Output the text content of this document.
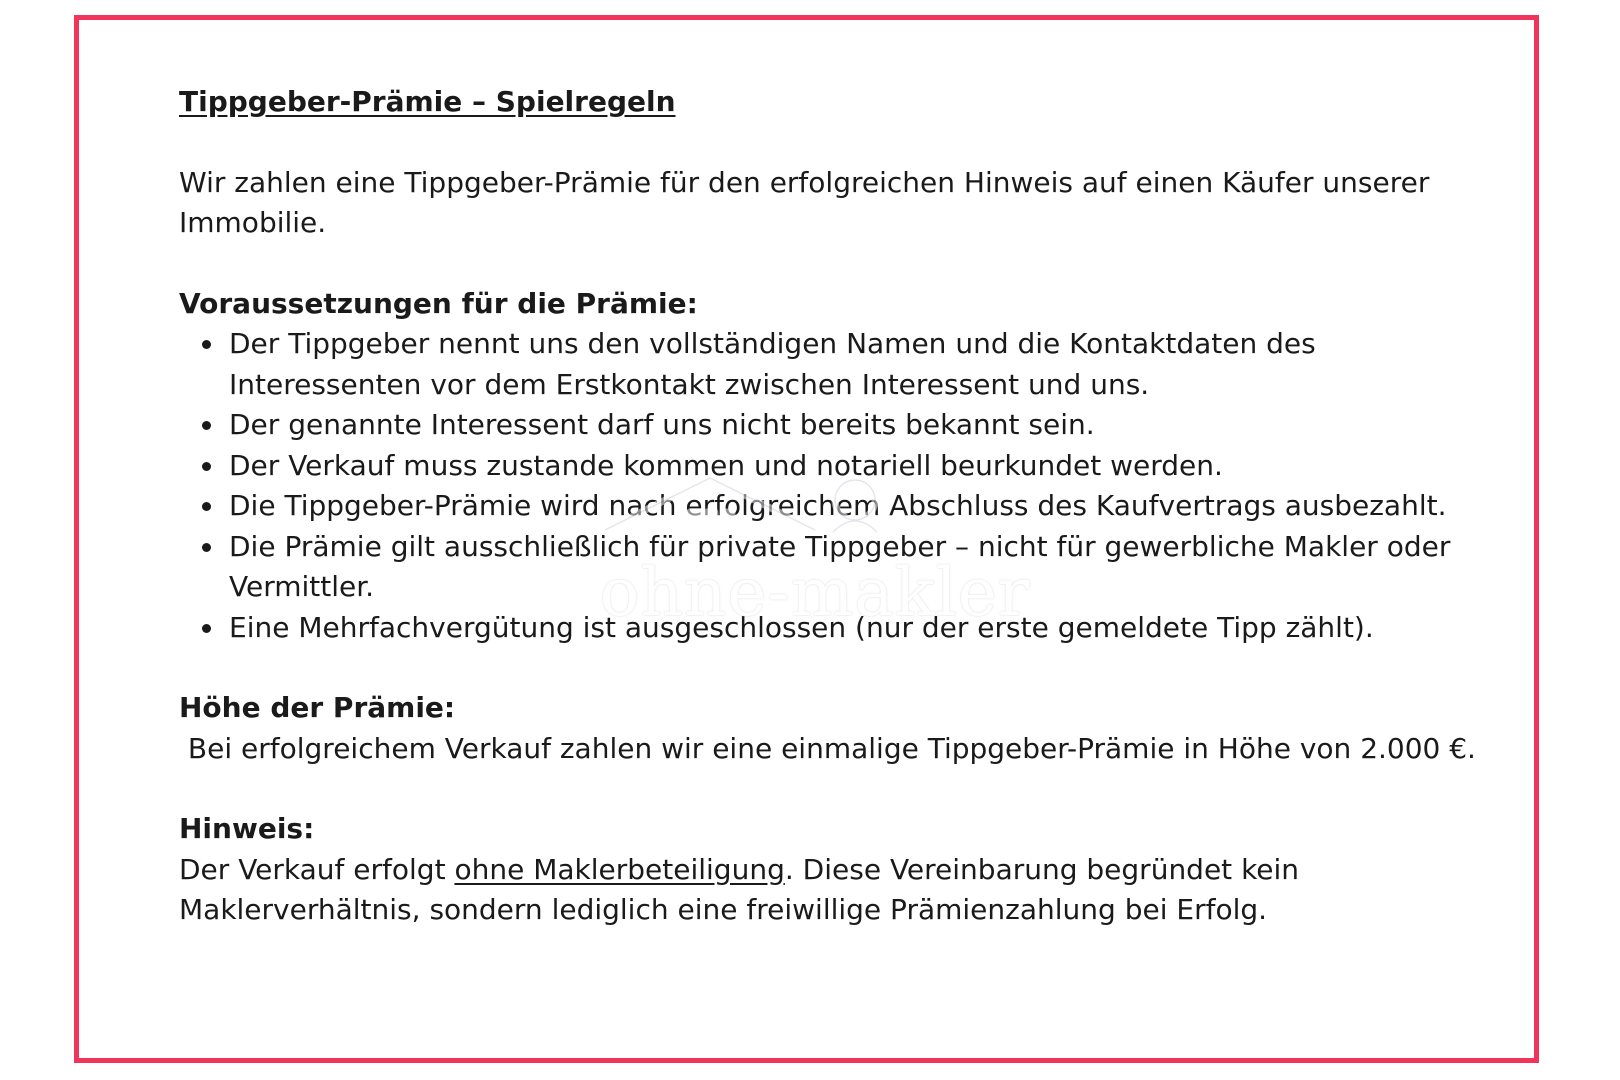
Tippgeber-Prämie – Spielregeln

Wir zahlen eine Tippgeber-Prämie für den erfolgreichen Hinweis auf einen Käufer unserer Immobilie.

Voraussetzungen für die Prämie:

Der Tippgeber nennt uns den vollständigen Namen und die Kontaktdaten des Interessenten vor dem Erstkontakt zwischen Interessent und uns.
Der genannte Interessent darf uns nicht bereits bekannt sein.
Der Verkauf muss zustande kommen und notariell beurkundet werden.
Die Tippgeber-Prämie wird nach erfolgreichem Abschluss des Kaufvertrags ausbezahlt.
Die Prämie gilt ausschließlich für private Tippgeber – nicht für gewerbliche Makler oder Vermittler.
Eine Mehrfachvergütung ist ausgeschlossen (nur der erste gemeldete Tipp zählt).

Höhe der Prämie:

Bei erfolgreichem Verkauf zahlen wir eine einmalige Tippgeber-Prämie in Höhe von 2.000 €.

Hinweis:

Der Verkauf erfolgt ohne Maklerbeteiligung. Diese Vereinbarung begründet kein Maklerverhältnis, sondern lediglich eine freiwillige Prämienzahlung bei Erfolg.

ohne-makler
